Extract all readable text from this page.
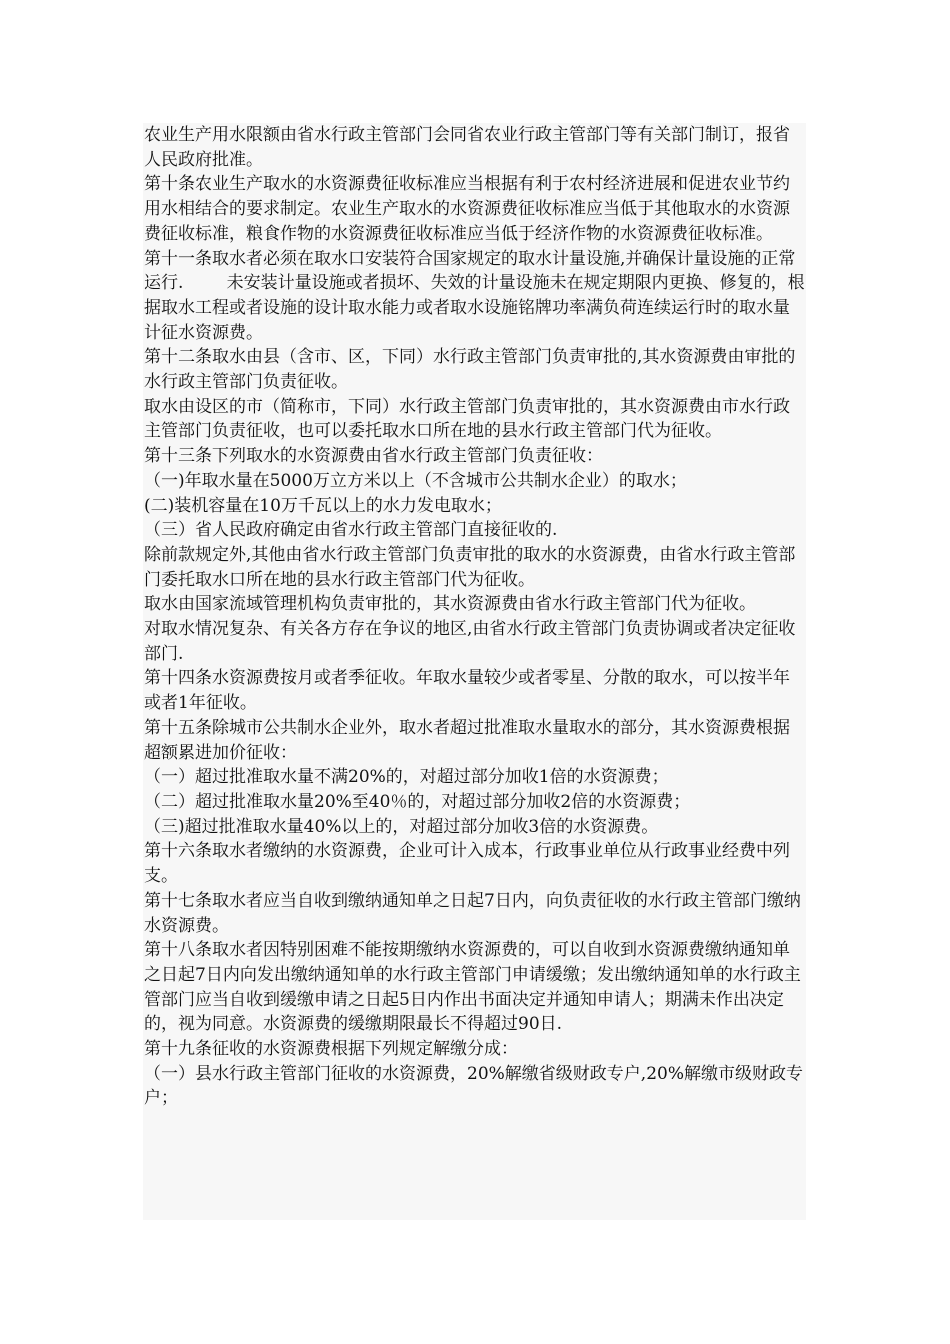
农业生产用水限额由省水行政主管部门会同省农业行政主管部门等有关部门制订，报省人民政府批准。

第十条农业生产取水的水资源费征收标准应当根据有利于农村经济进展和促进农业节约用水相结合的要求制定。农业生产取水的水资源费征收标准应当低于其他取水的水资源费征收标准，粮食作物的水资源费征收标准应当低于经济作物的水资源费征收标准。

第十一条取水者必须在取水口安装符合国家规定的取水计量设施,并确保计量设施的正常运行.        未安装计量设施或者损坏、失效的计量设施未在规定期限内更换、修复的，根据取水工程或者设施的设计取水能力或者取水设施铭牌功率满负荷连续运行时的取水量计征水资源费。

第十二条取水由县（含市、区，下同）水行政主管部门负责审批的,其水资源费由审批的水行政主管部门负责征收。

取水由设区的市（简称市，下同）水行政主管部门负责审批的，其水资源费由市水行政主管部门负责征收，也可以委托取水口所在地的县水行政主管部门代为征收。

第十三条下列取水的水资源费由省水行政主管部门负责征收：

（一)年取水量在5000万立方米以上（不含城市公共制水企业）的取水；

(二)装机容量在10万千瓦以上的水力发电取水；

（三）省人民政府确定由省水行政主管部门直接征收的.

除前款规定外,其他由省水行政主管部门负责审批的取水的水资源费，由省水行政主管部门委托取水口所在地的县水行政主管部门代为征收。

取水由国家流域管理机构负责审批的，其水资源费由省水行政主管部门代为征收。

对取水情况复杂、有关各方存在争议的地区,由省水行政主管部门负责协调或者决定征收部门.

第十四条水资源费按月或者季征收。年取水量较少或者零星、分散的取水，可以按半年或者1年征收。

第十五条除城市公共制水企业外，取水者超过批准取水量取水的部分，其水资源费根据超额累进加价征收：

（一）超过批准取水量不满20%的，对超过部分加收1倍的水资源费；

（二）超过批准取水量20%至40％的，对超过部分加收2倍的水资源费；

（三)超过批准取水量40%以上的，对超过部分加收3倍的水资源费。

第十六条取水者缴纳的水资源费，企业可计入成本，行政事业单位从行政事业经费中列支。

第十七条取水者应当自收到缴纳通知单之日起7日内，向负责征收的水行政主管部门缴纳水资源费。

第十八条取水者因特别困难不能按期缴纳水资源费的，可以自收到水资源费缴纳通知单之日起7日内向发出缴纳通知单的水行政主管部门申请缓缴；发出缴纳通知单的水行政主管部门应当自收到缓缴申请之日起5日内作出书面决定并通知申请人；期满未作出决定的，视为同意。水资源费的缓缴期限最长不得超过90日.

第十九条征收的水资源费根据下列规定解缴分成：

（一）县水行政主管部门征收的水资源费，20%解缴省级财政专户,20%解缴市级财政专户；
